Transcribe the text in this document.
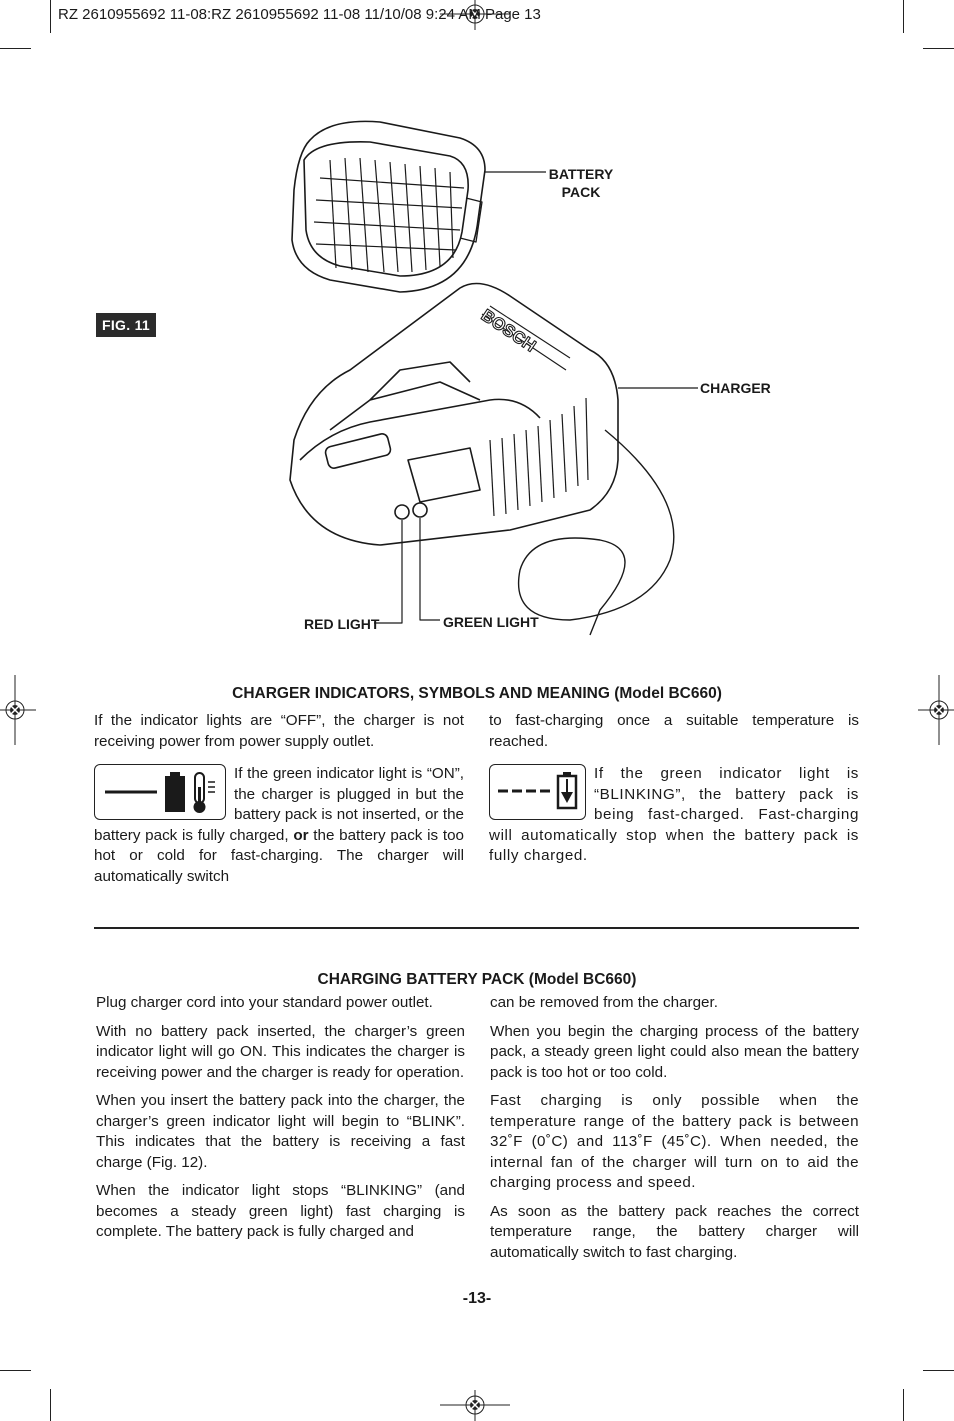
RZ 2610955692 11-08:RZ 2610955692 11-08 11/10/08 9:24 AM Page 13
FIG. 11	BOSCH
BATTERY
PACK
CHARGER
RED LIGHT	GREEN LIGHT
CHARGER INDICATORS, SYMBOLS AND MEANING (Model BC660)

If the indicator lights are “OFF”, the charger is not receiving power from power supply outlet.

If the green indicator light is “ON”, the charger is plugged in but the battery pack is not inserted, or the battery pack is fully charged, or the battery pack is too hot or cold for fast-charging. The charger will automatically switch

to fast-charging once a suitable temperature is reached.

If the green indicator light is “BLINKING”, the battery pack is being fast-charged. Fast-charging will automatically stop when the battery pack is fully charged.

CHARGING BATTERY PACK (Model BC660)

Plug charger cord into your standard power outlet.

With no battery pack inserted, the charger’s green indicator light will go ON. This indicates the charger is receiving power and the charger is ready for operation.

When you insert the battery pack into the charger, the charger’s green indicator light will begin to “BLINK”. This indicates that the battery is receiving a fast charge (Fig. 12).

When the indicator light stops “BLINKING” (and becomes a steady green light) fast charging is complete. The battery pack is fully charged and

can be removed from the charger.

When you begin the charging process of the battery pack, a steady green light could also mean the battery pack is too hot or too cold.

Fast charging is only possible when the temperature range of the battery pack is between 32˚F (0˚C) and 113˚F (45˚C). When needed, the internal fan of the charger will turn on to aid the charging process and speed.

As soon as the battery pack reaches the correct temperature range, the battery charger will automatically switch to fast charging.

-13-
